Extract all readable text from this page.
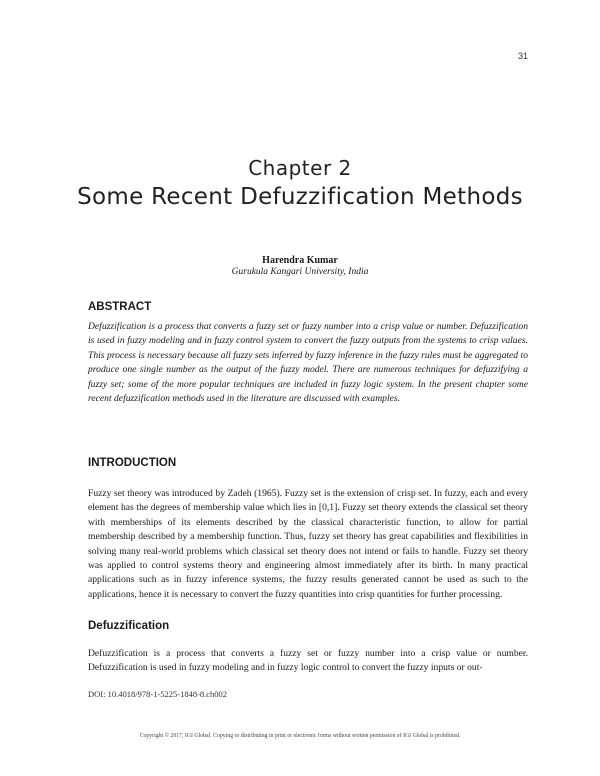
31
Chapter 2
Some Recent Defuzzification Methods
Harendra Kumar
Gurukula Kangari University, India
ABSTRACT
Defuzzification is a process that converts a fuzzy set or fuzzy number into a crisp value or number. Defuzzification is used in fuzzy modeling and in fuzzy control system to convert the fuzzy outputs from the systems to crisp values. This process is necessary because all fuzzy sets inferred by fuzzy inference in the fuzzy rules must be aggregated to produce one single number as the output of the fuzzy model. There are numerous techniques for defuzzifying a fuzzy set; some of the more popular techniques are included in fuzzy logic system. In the present chapter some recent defuzzification methods used in the literature are discussed with examples.
INTRODUCTION
Fuzzy set theory was introduced by Zadeh (1965). Fuzzy set is the extension of crisp set. In fuzzy, each and every element has the degrees of membership value which lies in [0,1]. Fuzzy set theory extends the classical set theory with memberships of its elements described by the classical characteristic function, to allow for partial membership described by a membership function. Thus, fuzzy set theory has great capabilities and flexibilities in solving many real-world problems which classical set theory does not intend or fails to handle. Fuzzy set theory was applied to control systems theory and engineering almost immediately after its birth. In many practical applications such as in fuzzy inference systems, the fuzzy results generated cannot be used as such to the applications, hence it is necessary to convert the fuzzy quantities into crisp quantities for further processing.
Defuzzification
Defuzzification is a process that converts a fuzzy set or fuzzy number into a crisp value or number. Defuzzification is used in fuzzy modeling and in fuzzy logic control to convert the fuzzy inputs or out-
DOI: 10.4018/978-1-5225-1848-8.ch002
Copyright © 2017, IGI Global. Copying or distributing in print or electronic forms without written permission of IGI Global is prohibited.
